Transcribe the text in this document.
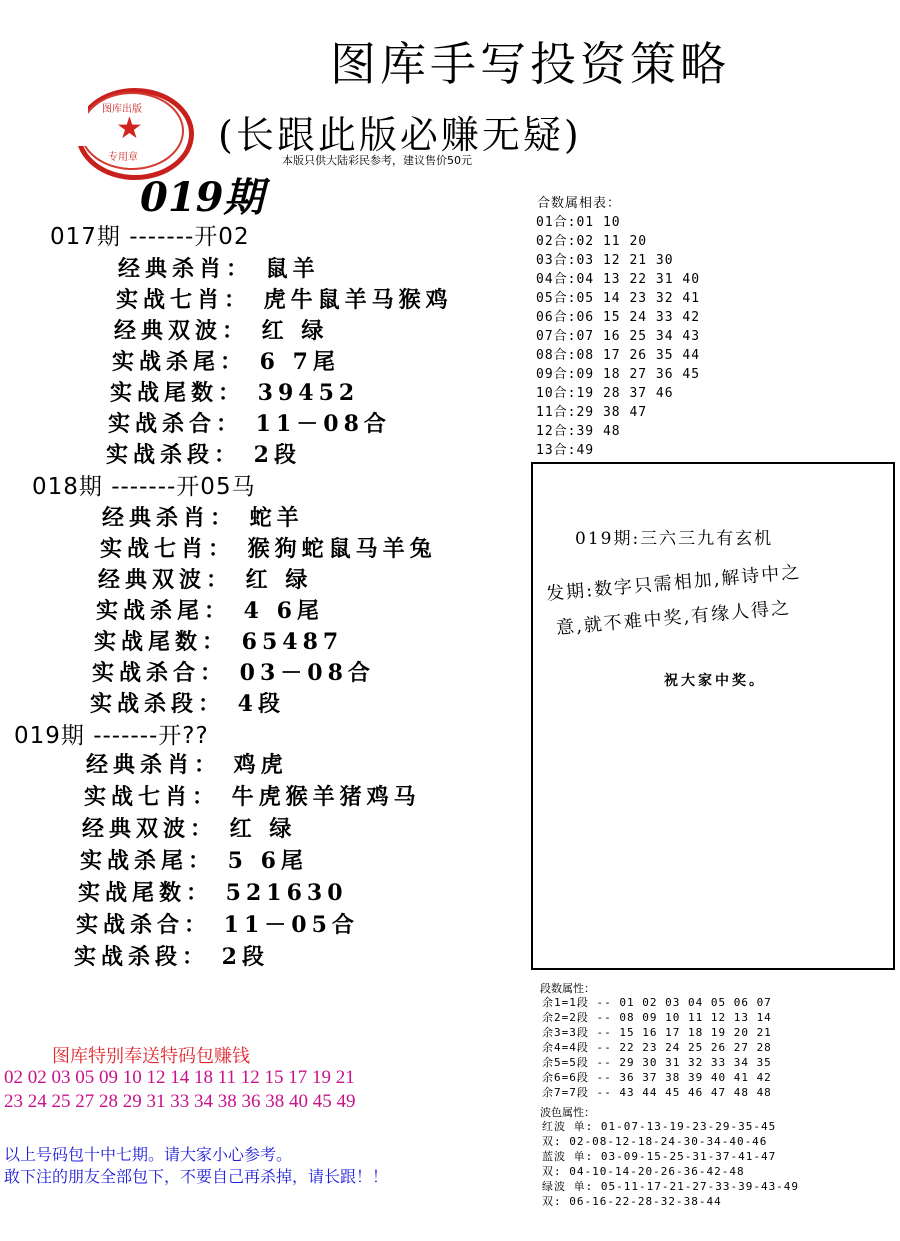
图库手写投资策略
(长跟此版必赚无疑)
本版只供大陆彩民参考，建议售价50元
图库出版
★
专用章
019期
017期 -------开02
经典杀肖： 鼠羊
实战七肖： 虎牛鼠羊马猴鸡
经典双波： 红 绿
实战杀尾： 6 7尾
实战尾数： 39452
实战杀合： 11－08合
实战杀段： 2段
018期 -------开05马
经典杀肖： 蛇羊
实战七肖： 猴狗蛇鼠马羊兔
经典双波： 红 绿
实战杀尾： 4 6尾
实战尾数： 65487
实战杀合： 03－08合
实战杀段： 4段
019期 -------开??
经典杀肖： 鸡虎
实战七肖： 牛虎猴羊猪鸡马
经典双波： 红 绿
实战杀尾： 5 6尾
实战尾数： 521630
实战杀合： 11－05合
实战杀段： 2段
合数属相表：
01合:01 10
02合:02 11 20
03合:03 12 21 30
04合:04 13 22 31 40
05合:05 14 23 32 41
06合:06 15 24 33 42
07合:07 16 25 34 43
08合:08 17 26 35 44
09合:09 18 27 36 45
10合:19 28 37 46
11合:29 38 47
12合:39 48
13合:49
019期:三六三九有玄机
发期:数字只需相加,解诗中之
意,就不难中奖,有缘人得之
祝大家中奖。
段数属性：
余1=1段 -- 01 02 03 04 05 06 07
余2=2段 -- 08 09 10 11 12 13 14
余3=3段 -- 15 16 17 18 19 20 21
余4=4段 -- 22 23 24 25 26 27 28
余5=5段 -- 29 30 31 32 33 34 35
余6=6段 -- 36 37 38 39 40 41 42
余7=7段 -- 43 44 45 46 47 48 48
波色属性：
红波 单: 01-07-13-19-23-29-35-45
双: 02-08-12-18-24-30-34-40-46
蓝波 单: 03-09-15-25-31-37-41-47
双: 04-10-14-20-26-36-42-48
绿波 单: 05-11-17-21-27-33-39-43-49
双: 06-16-22-28-32-38-44
图库特别奉送特码包赚钱
02 02 03 05 09 10 12 14 18 11 12 15 17 19 21
23 24 25 27 28 29 31 33 34 38 36 38 40 45 49
以上号码包十中七期。请大家小心参考。
敢下注的朋友全部包下，不要自己再杀掉，请长跟！！
